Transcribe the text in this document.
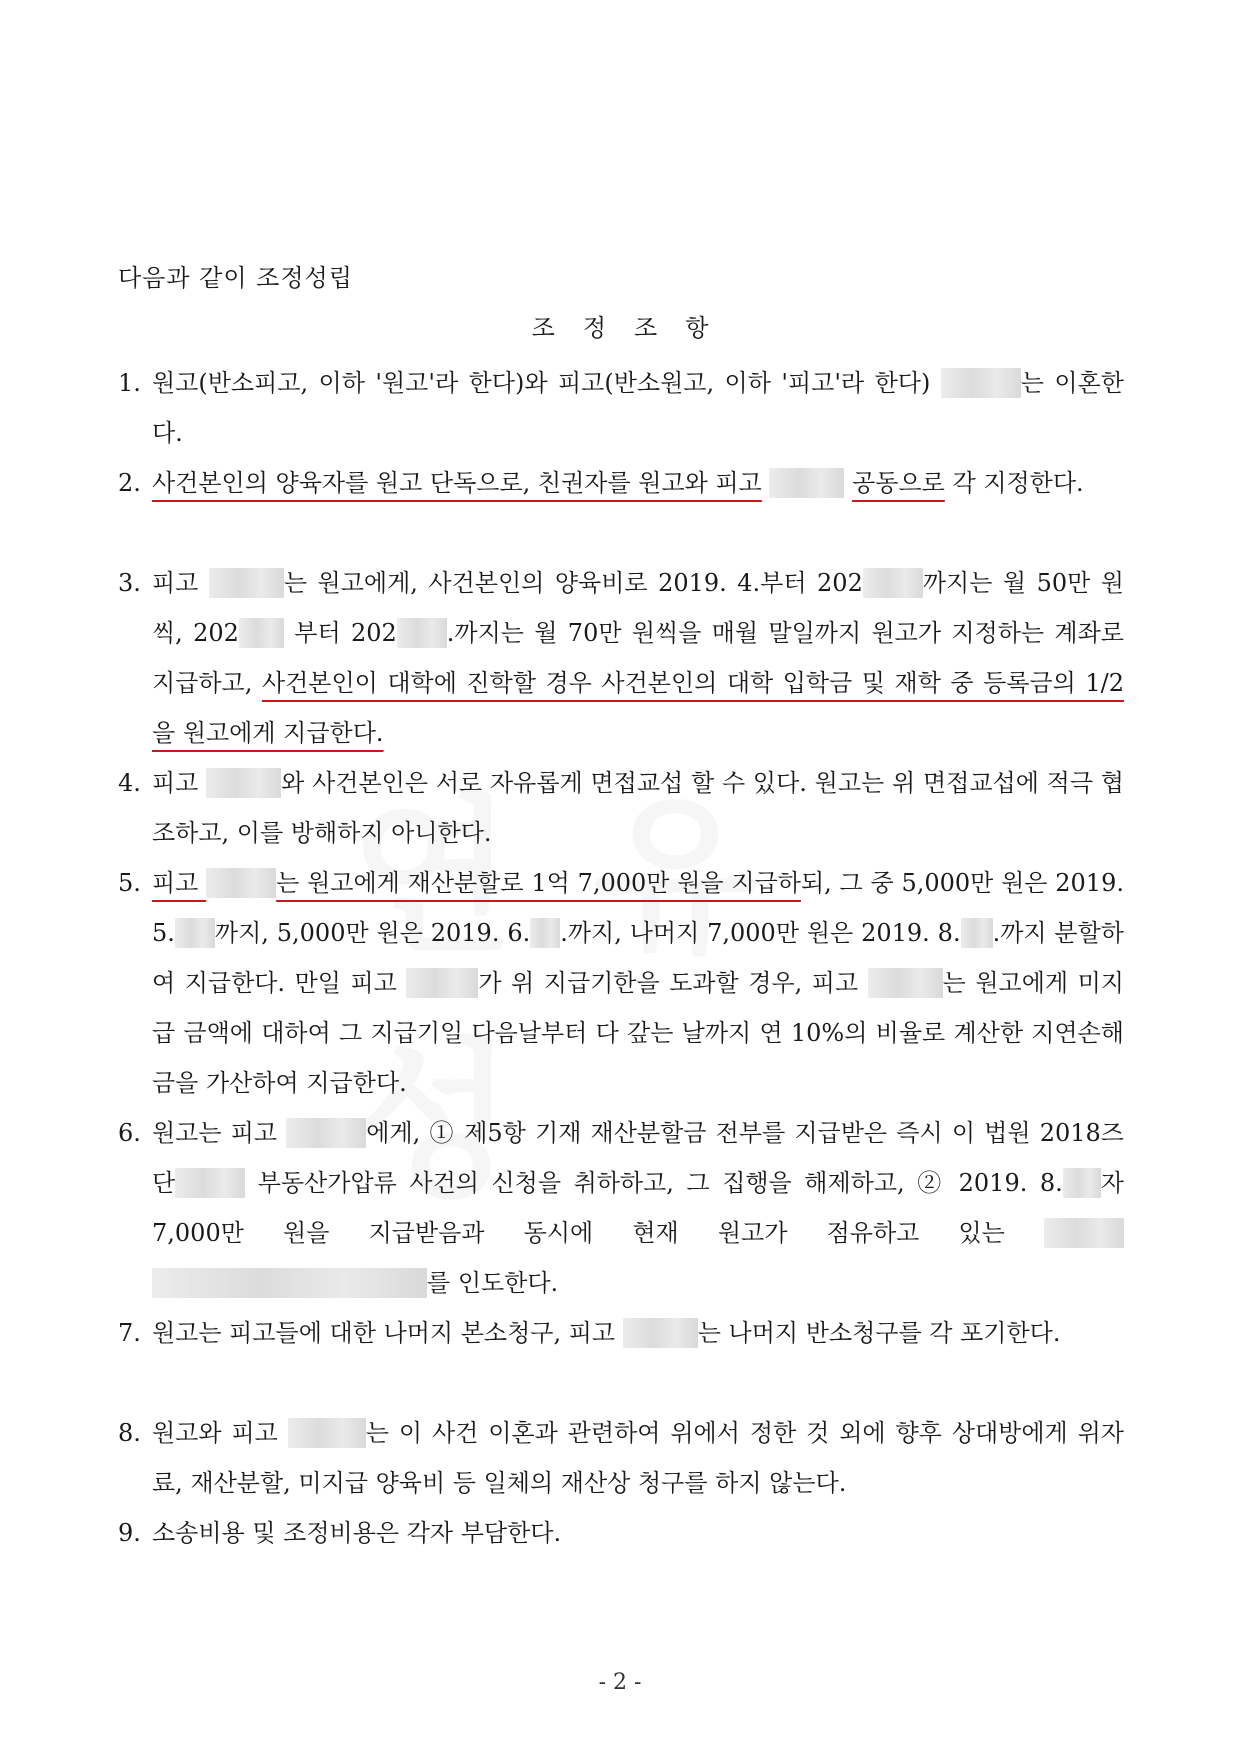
다음과 같이 조정성립
조 정 조 항
1. 원고(반소피고, 이하 '원고'라 한다)와 피고(반소원고, 이하 '피고'라 한다)	는 이혼한다.
2. 사건본인의 양육자를 원고 단독으로, 친권자를 원고와 피고	공동으로 각 지정한다.
3. 피고	는 원고에게, 사건본인의 양육비로 2019. 4.부터 202	까지는 월 50만 원씩, 202 부터 202 .까지는 월 70만 원씩을 매월 말일까지 원고가 지정하는 계좌로 지급하고, 사건본인이 대학에 진학할 경우 사건본인의 대학 입학금 및 재학 중 등록금의 1/2을 원고에게 지급한다.
4. 피고	와 사건본인은 서로 자유롭게 면접교섭 할 수 있다. 원고는 위 면접교섭에 적극 협조하고, 이를 방해하지 아니한다.
5. 피고	는 원고에게 재산분할로 1억 7,000만 원을 지급하되, 그 중 5,000만 원은 2019. 5. 까지, 5,000만 원은 2019. 6. .까지, 나머지 7,000만 원은 2019. 8. .까지 분할하여 지급한다. 만일 피고	가 위 지급기한을 도과할 경우, 피고	는 원고에게 미지급 금액에 대하여 그 지급기일 다음날부터 다 갚는 날까지 연 10%의 비율로 계산한 지연손해금을 가산하여 지급한다.
6. 원고는 피고	에게, ① 제5항 기재 재산분할금 전부를 지급받은 즉시 이 법원 2018즈단	부동산가압류 사건의 신청을 취하하고, 그 집행을 해제하고, ② 2019. 8. 자 7,000만 원을 지급받음과 동시에 현재 원고가 점유하고 있는  를 인도한다.
7. 원고는 피고들에 대한 나머지 본소청구, 피고	는 나머지 반소청구를 각 포기한다.
8. 원고와 피고	는 이 사건 이혼과 관련하여 위에서 정한 것 외에 향후 상대방에게 위자료, 재산분할, 미지급 양육비 등 일체의 재산상 청구를 하지 않는다.
9. 소송비용 및 조정비용은 각자 부담한다.
- 2 -
